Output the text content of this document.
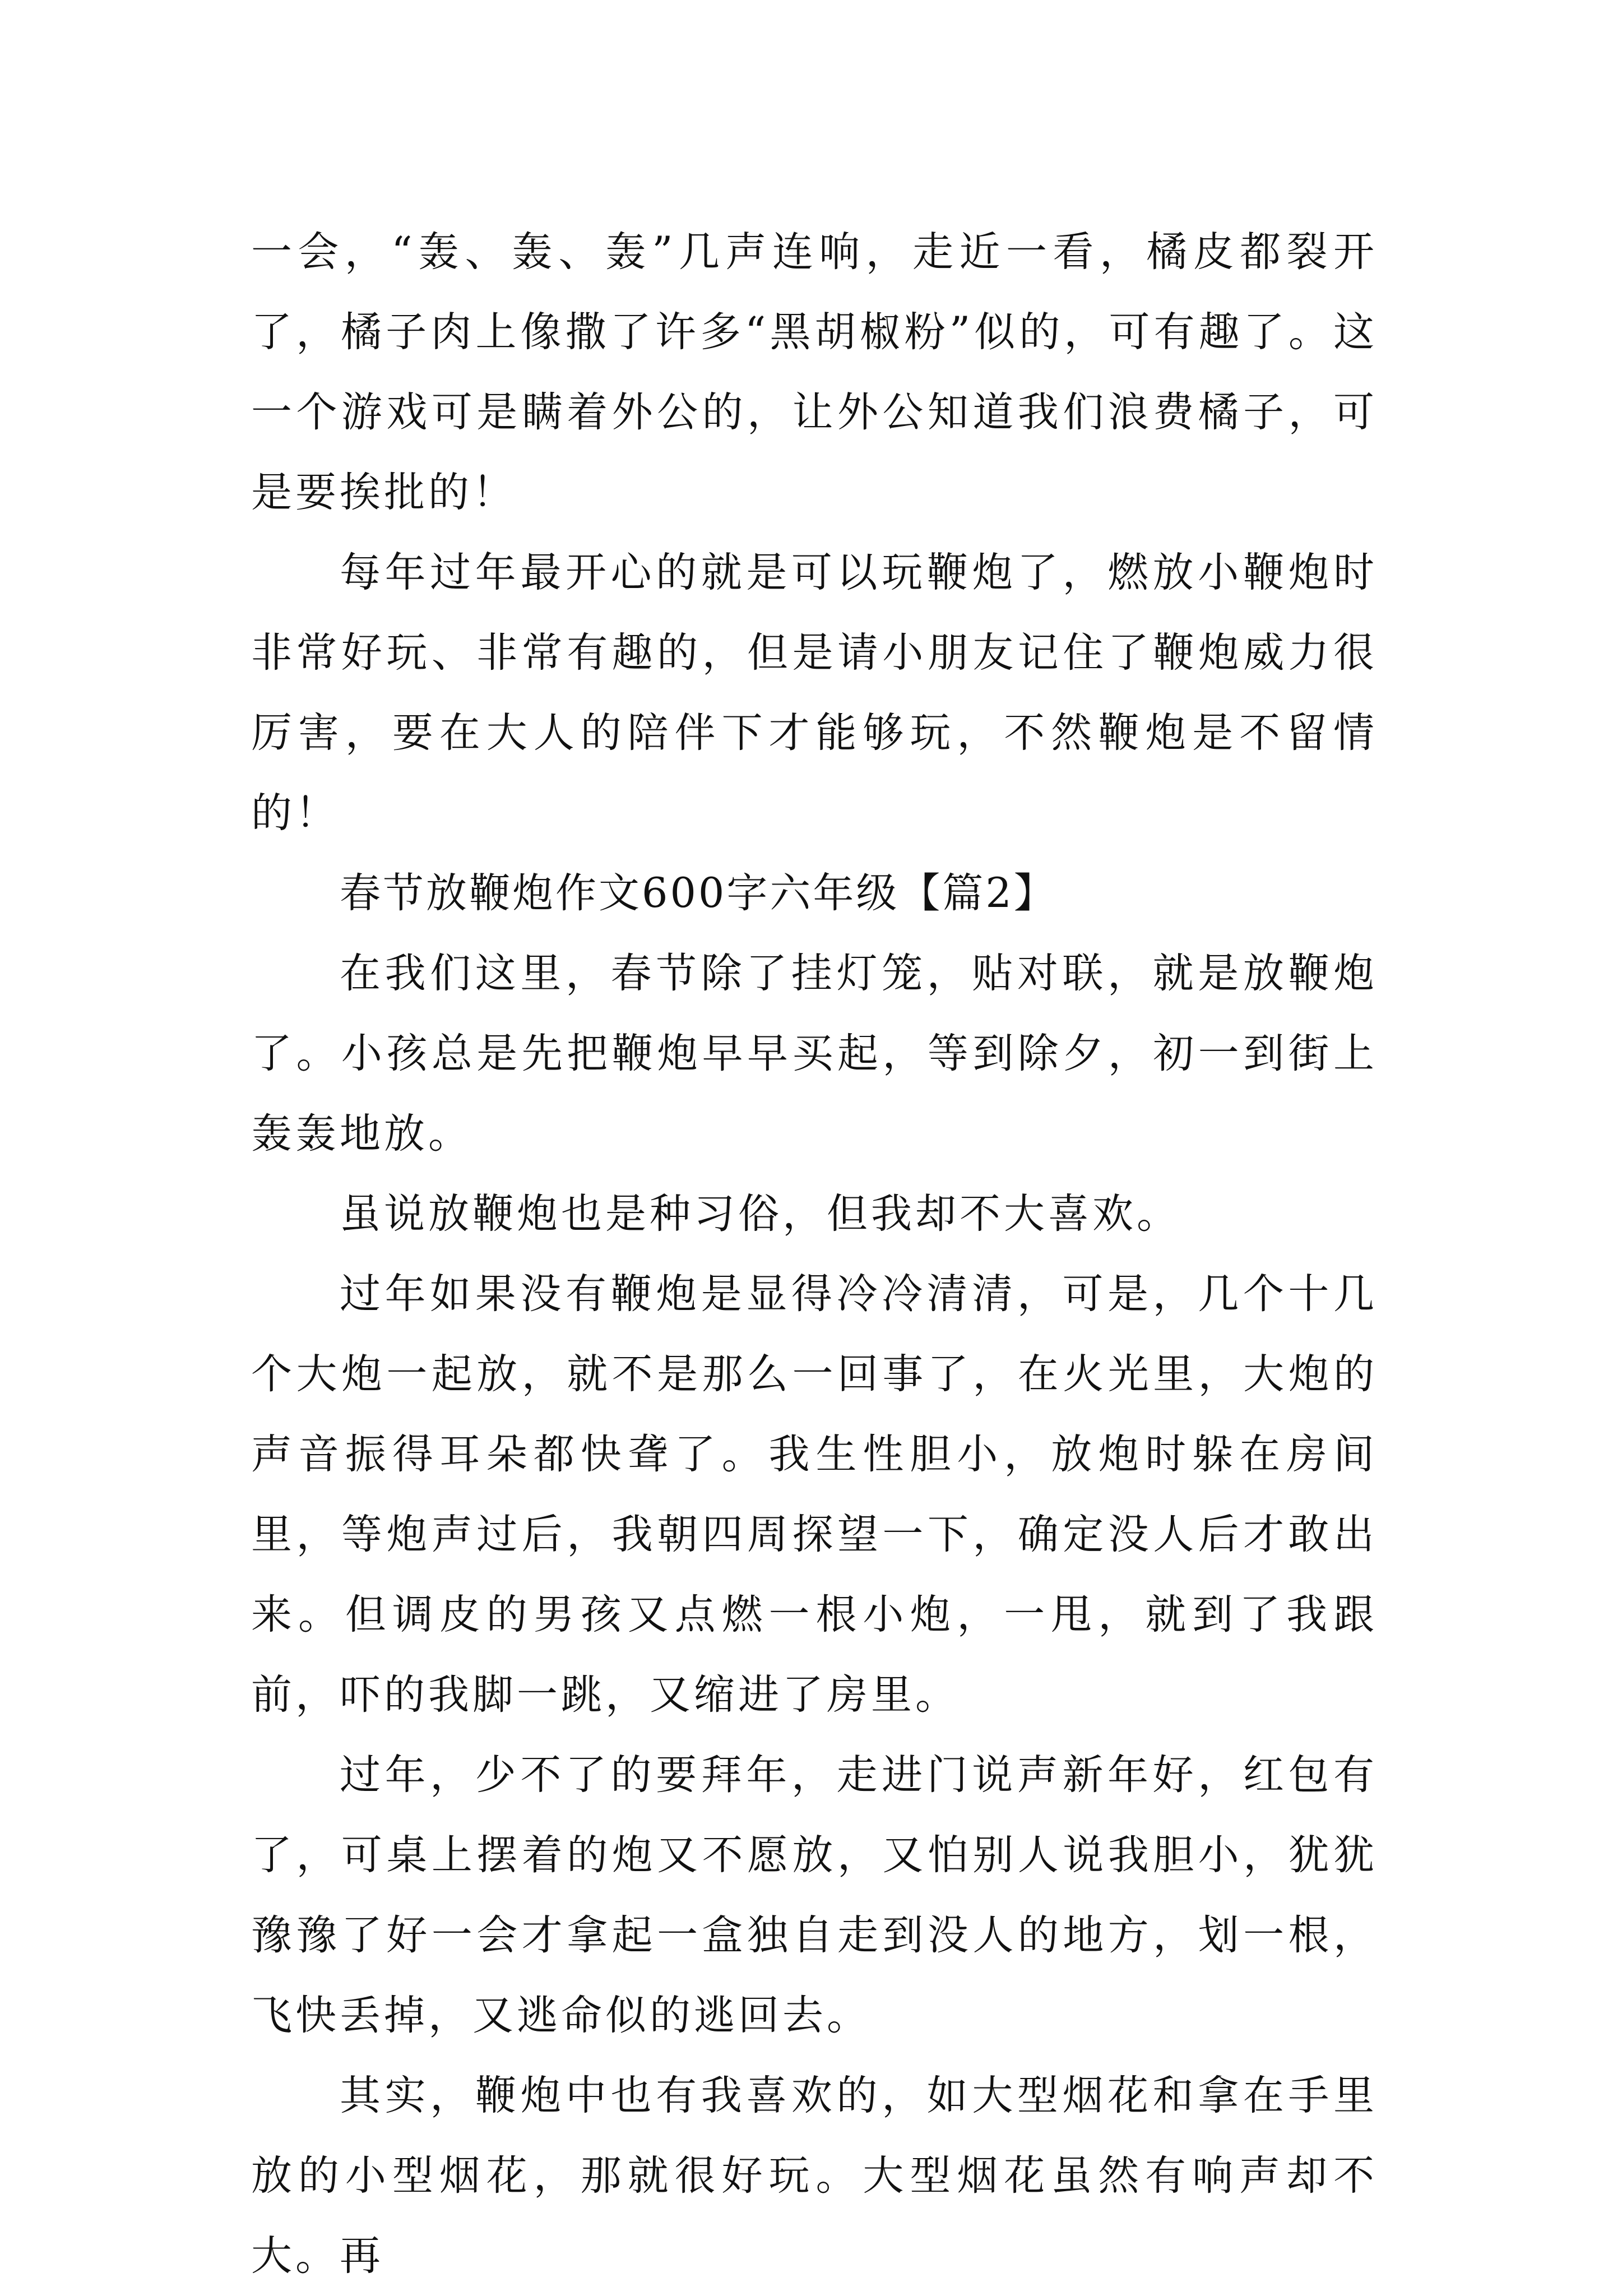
一会，“轰、轰、轰”几声连响，走近一看，橘皮都裂开了，橘子肉上像撒了许多“黑胡椒粉”似的，可有趣了。这一个游戏可是瞒着外公的，让外公知道我们浪费橘子，可是要挨批的！

每年过年最开心的就是可以玩鞭炮了，燃放小鞭炮时非常好玩、非常有趣的，但是请小朋友记住了鞭炮威力很厉害，要在大人的陪伴下才能够玩，不然鞭炮是不留情的！

春节放鞭炮作文600字六年级【篇2】

在我们这里，春节除了挂灯笼，贴对联，就是放鞭炮了。小孩总是先把鞭炮早早买起，等到除夕，初一到街上轰轰地放。

虽说放鞭炮也是种习俗，但我却不大喜欢。

过年如果没有鞭炮是显得冷冷清清，可是，几个十几个大炮一起放，就不是那么一回事了，在火光里，大炮的声音振得耳朵都快聋了。我生性胆小，放炮时躲在房间里，等炮声过后，我朝四周探望一下，确定没人后才敢出来。但调皮的男孩又点燃一根小炮，一甩，就到了我跟前，吓的我脚一跳，又缩进了房里。

过年，少不了的要拜年，走进门说声新年好，红包有了，可桌上摆着的炮又不愿放，又怕别人说我胆小，犹犹豫豫了好一会才拿起一盒独自走到没人的地方，划一根，飞快丢掉，又逃命似的逃回去。

其实，鞭炮中也有我喜欢的，如大型烟花和拿在手里放的小型烟花，那就很好玩。大型烟花虽然有响声却不大。再
